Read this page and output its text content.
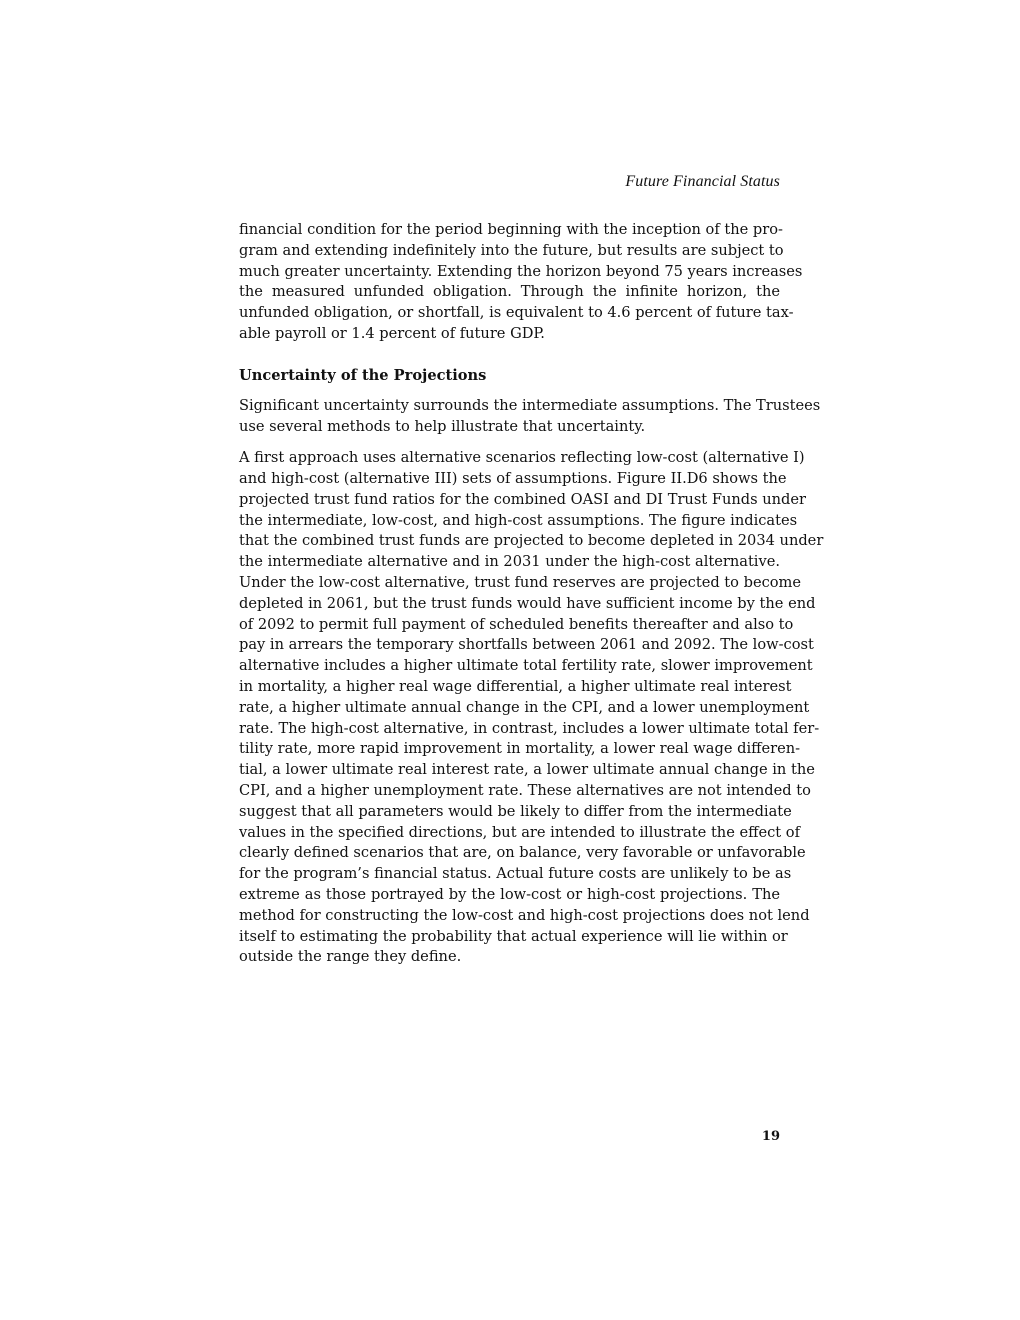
Future Financial Status

financial condition for the period beginning with the inception of the pro-
gram and extending indefinitely into the future, but results are subject to
much greater uncertainty. Extending the horizon beyond 75 years increases
the measured unfunded obligation. Through the infinite horizon, the
unfunded obligation, or shortfall, is equivalent to 4.6 percent of future tax-
able payroll or 1.4 percent of future GDP.

Uncertainty of the Projections

Significant uncertainty surrounds the intermediate assumptions. The Trustees
use several methods to help illustrate that uncertainty.

A first approach uses alternative scenarios reflecting low-cost (alternative I)
and high-cost (alternative III) sets of assumptions. Figure II.D6 shows the
projected trust fund ratios for the combined OASI and DI Trust Funds under
the intermediate, low-cost, and high-cost assumptions. The figure indicates
that the combined trust funds are projected to become depleted in 2034 under
the intermediate alternative and in 2031 under the high-cost alternative.
Under the low-cost alternative, trust fund reserves are projected to become
depleted in 2061, but the trust funds would have sufficient income by the end
of 2092 to permit full payment of scheduled benefits thereafter and also to
pay in arrears the temporary shortfalls between 2061 and 2092. The low-cost
alternative includes a higher ultimate total fertility rate, slower improvement
in mortality, a higher real wage differential, a higher ultimate real interest
rate, a higher ultimate annual change in the CPI, and a lower unemployment
rate. The high-cost alternative, in contrast, includes a lower ultimate total fer-
tility rate, more rapid improvement in mortality, a lower real wage differen-
tial, a lower ultimate real interest rate, a lower ultimate annual change in the
CPI, and a higher unemployment rate. These alternatives are not intended to
suggest that all parameters would be likely to differ from the intermediate
values in the specified directions, but are intended to illustrate the effect of
clearly defined scenarios that are, on balance, very favorable or unfavorable
for the program’s financial status. Actual future costs are unlikely to be as
extreme as those portrayed by the low-cost or high-cost projections. The
method for constructing the low-cost and high-cost projections does not lend
itself to estimating the probability that actual experience will lie within or
outside the range they define.

19
